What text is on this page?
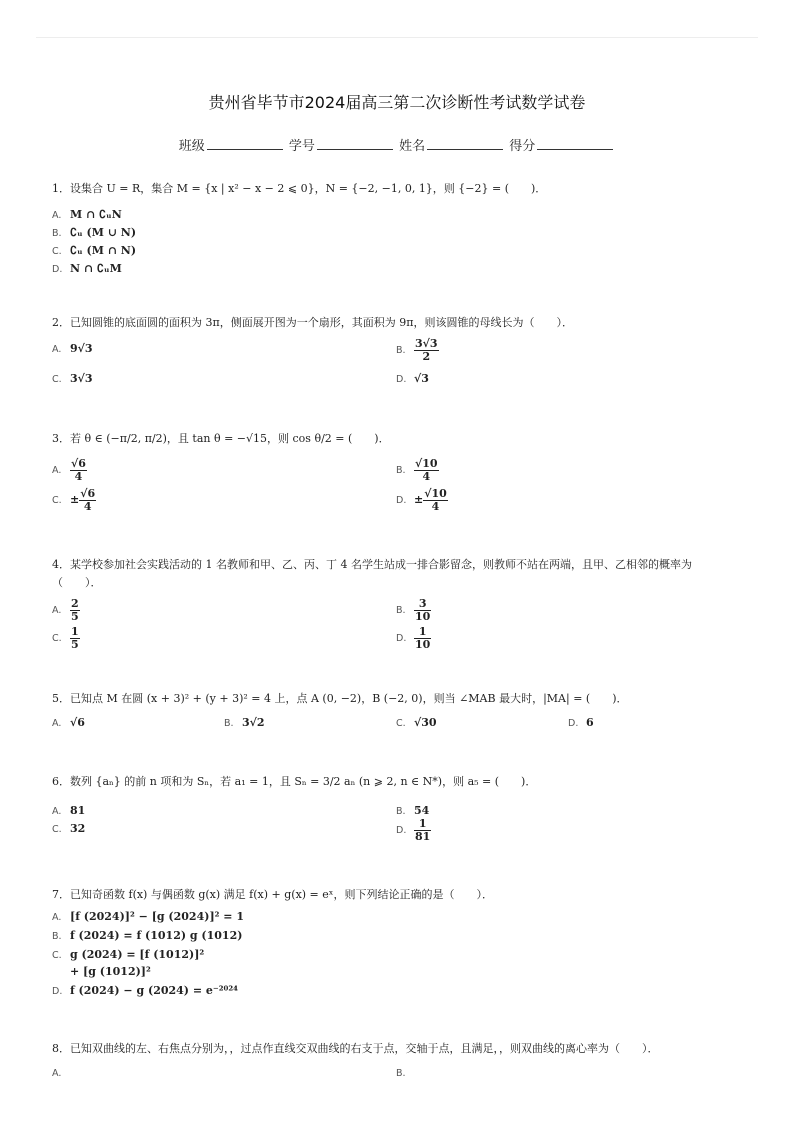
贵州省毕节市2024届高三第二次诊断性考试数学试卷
班级	学号	姓名	得分
1．设集合 U = R，集合 M = {x | x² − x − 2 ⩽ 0}，N = {−2, −1, 0, 1}，则 {−2} = (　　)．
A. M ∩ ∁ᵤN
B. ∁ᵤ (M ∪ N)
C. ∁ᵤ (M ∩ N)
D. N ∩ ∁ᵤM
2．已知圆锥的底面圆的面积为 3π，侧面展开图为一个扇形，其面积为 9π，则该圆锥的母线长为（　　）．
A. 9√3	B. $\frac{3√3}{2}$
C. 3√3	D. √3
3．若 θ ∈ (−π/2, π/2)，且 tan θ = −√15，则 cos θ/2 = (　　)．
A. $\frac{√6}{4}$	B. $\frac{√10}{4}$
C. ± $\frac{√6}{4}$	D. ± $\frac{√10}{4}$
4．某学校参加社会实践活动的 1 名教师和甲、乙、丙、丁 4 名学生站成一排合影留念，则教师不站在两端，且甲、乙相邻的概率为
（　　）．
A. $\frac{2}{5}$	B. $\frac{3}{10}$
C. $\frac{1}{5}$	D. $\frac{1}{10}$
5．已知点 M 在圆 (x + 3)² + (y + 3)² = 4 上，点 A (0, −2)，B (−2, 0)，则当 ∠MAB 最大时，|MA| = (　　)．
A. √6	B. 3√2	C. √30	D. 6
6．数列 {aₙ} 的前 n 项和为 Sₙ，若 a₁ = 1，且 Sₙ = 3/2 aₙ (n ⩾ 2, n ∈ N*)，则 a₅ = (　　)．
A. 81	B. 54
C. 32	D. $\frac{1}{81}$
7．已知奇函数 f(x) 与偶函数 g(x) 满足 f(x) + g(x) = eˣ，则下列结论正确的是（　　）．
A. [f (2024)]² − [g (2024)]² = 1
B. f (2024) = f (1012) g (1012)
C. g (2024) = [f (1012)]²
+ [g (1012)]²
D. f (2024) − g (2024) = e⁻²⁰²⁴
8．已知双曲线的左、右焦点分别为，，过点作直线交双曲线的右支于点，交轴于点，且满足，，则双曲线的离心率为（　　）．
A.	B.
